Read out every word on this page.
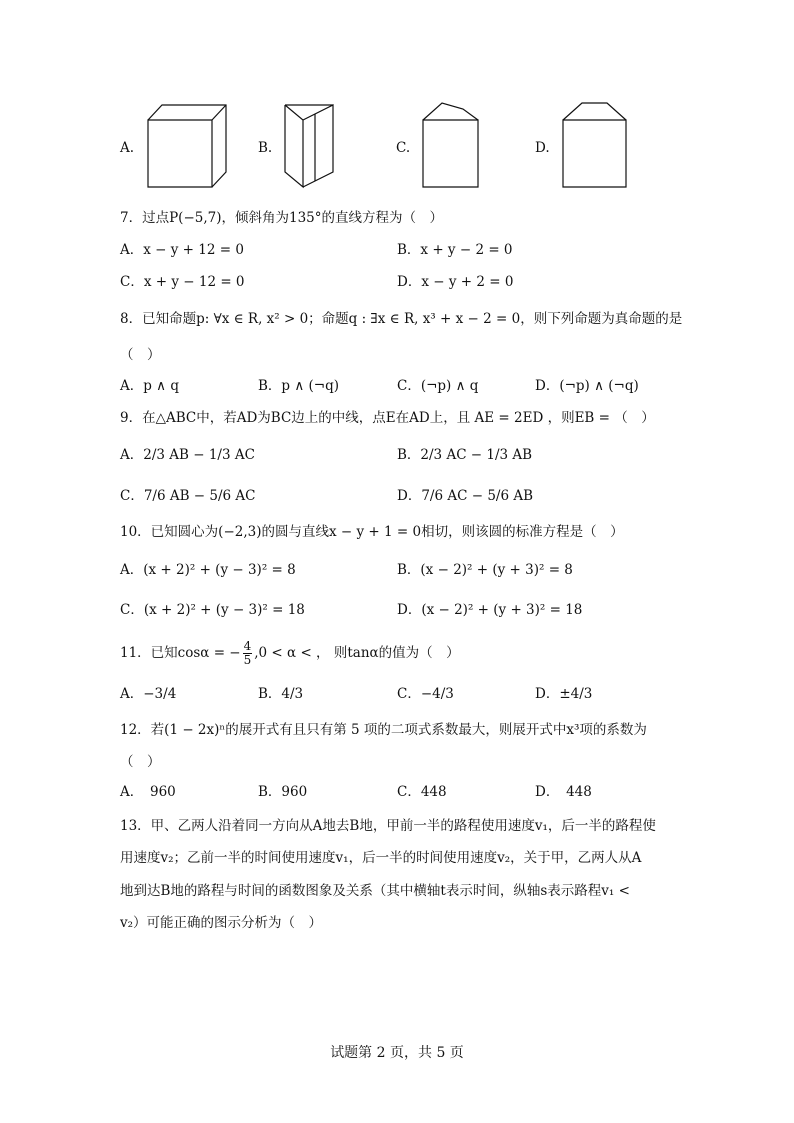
A.	B.	C.	D.
7．过点P(−5,7)，倾斜角为135°的直线方程为（　）
A．x − y + 12 = 0	B．x + y − 2 = 0
C．x + y − 12 = 0	D．x − y + 2 = 0
8．已知命题p: ∀x ∈ R, x² > 0；命题q : ∃x ∈ R, x³ + x − 2 = 0，则下列命题为真命题的是
（　）
A．p ∧ q	B．p ∧ (¬q)	C．(¬p) ∧ q	D．(¬p) ∧ (¬q)
9．在△ABC中，若AD为BC边上的中线，点E在AD上，且 AE = 2ED ，则EB = （　）
A．2/3 AB − 1/3 AC	B．2/3 AC − 1/3 AB
C．7/6 AB − 5/6 AC	D．7/6 AC − 5/6 AB
10．已知圆心为(−2,3)的圆与直线x − y + 1 = 0相切，则该圆的标准方程是（　）
A．(x + 2)² + (y − 3)² = 8	B．(x − 2)² + (y + 3)² = 8
C．(x + 2)² + (y − 3)² = 18	D．(x − 2)² + (y + 3)² = 18
11．已知cosα = − $\frac{4}{5} ,0 < \alpha$ < ， 则tanα的值为（　）
A．−3/4	B．4/3	C．−4/3	D．±4/3
12．若(1 − 2x)ⁿ的展开式有且只有第 5 项的二项式系数最大，则展开式中x³项的系数为
（　）
A．　960	B．960	C．448	D．　448
13．甲、乙两人沿着同一方向从A地去B地，甲前一半的路程使用速度v₁，后一半的路程使
用速度v₂；乙前一半的时间使用速度v₁，后一半的时间使用速度v₂，关于甲，乙两人从A
地到达B地的路程与时间的函数图象及关系（其中横轴t表示时间，纵轴s表示路程v₁ <
v₂）可能正确的图示分析为（　）
试题第 2 页，共 5 页
